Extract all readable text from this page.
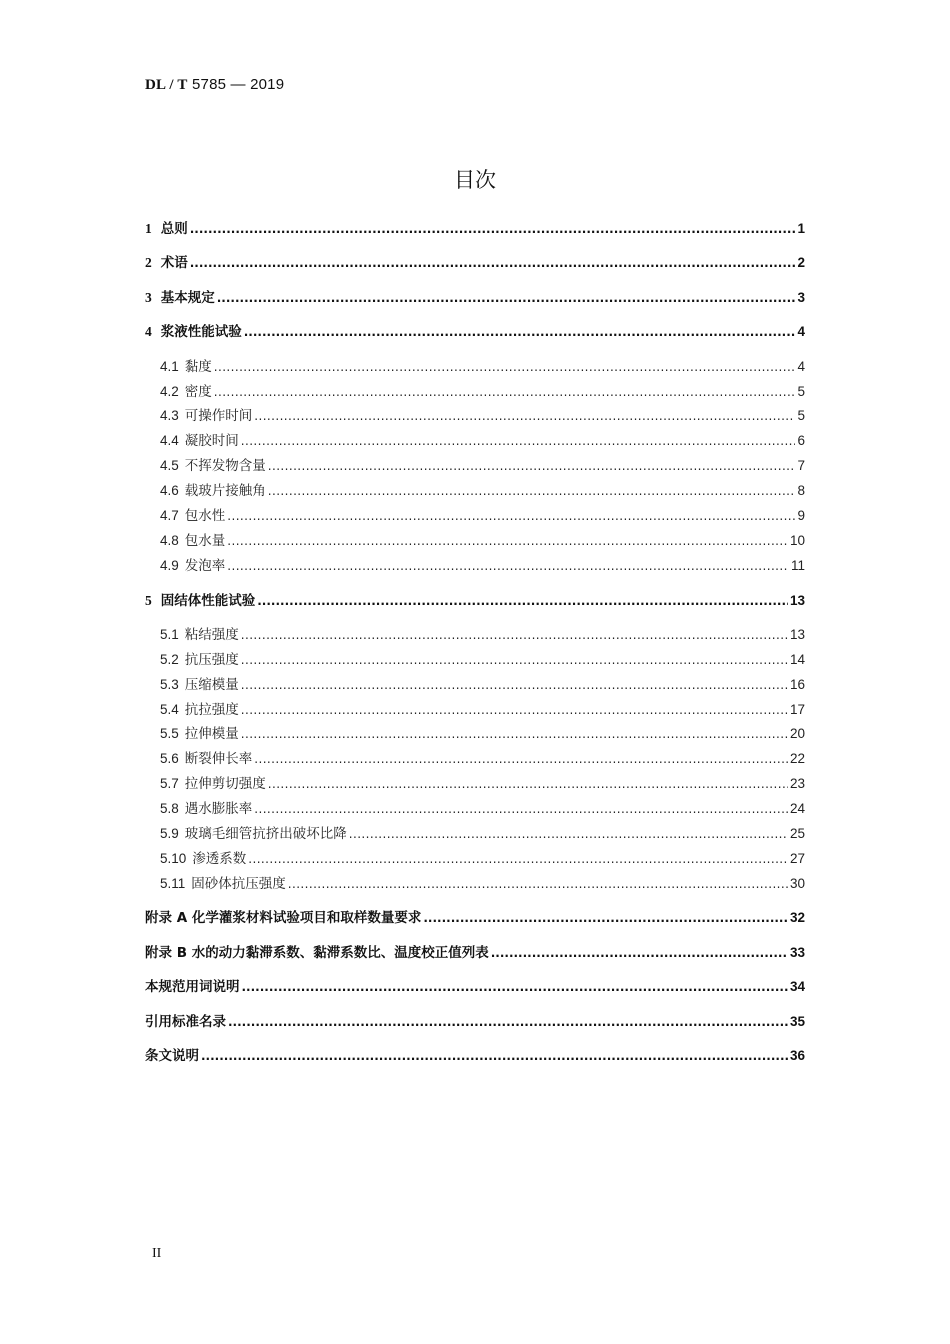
DL / T 5785 — 2019
目次
1 总则 .....	1
2 术语 .....	2
3 基本规定 .....	3
4 浆液性能试验 .....	4
4.1 黏度 .....	4
4.2 密度 .....	5
4.3 可操作时间 .....	5
4.4 凝胶时间 .....	6
4.5 不挥发物含量 .....	7
4.6 载玻片接触角 .....	8
4.7 包水性 .....	9
4.8 包水量 .....	10
4.9 发泡率 .....	11
5 固结体性能试验 .....	13
5.1 粘结强度 .....	13
5.2 抗压强度 .....	14
5.3 压缩模量 .....	16
5.4 抗拉强度 .....	17
5.5 拉伸模量 .....	20
5.6 断裂伸长率 .....	22
5.7 拉伸剪切强度 .....	23
5.8 遇水膨胀率 .....	24
5.9 玻璃毛细管抗挤出破坏比降 .....	25
5.10 渗透系数 .....	27
5.11 固砂体抗压强度 .....	30
附录 A 化学灌浆材料试验项目和取样数量要求 .....	32
附录 B 水的动力黏滞系数、黏滞系数比、温度校正值列表 .....	33
本规范用词说明 .....	34
引用标准名录 .....	35
条文说明 .....	36
II
